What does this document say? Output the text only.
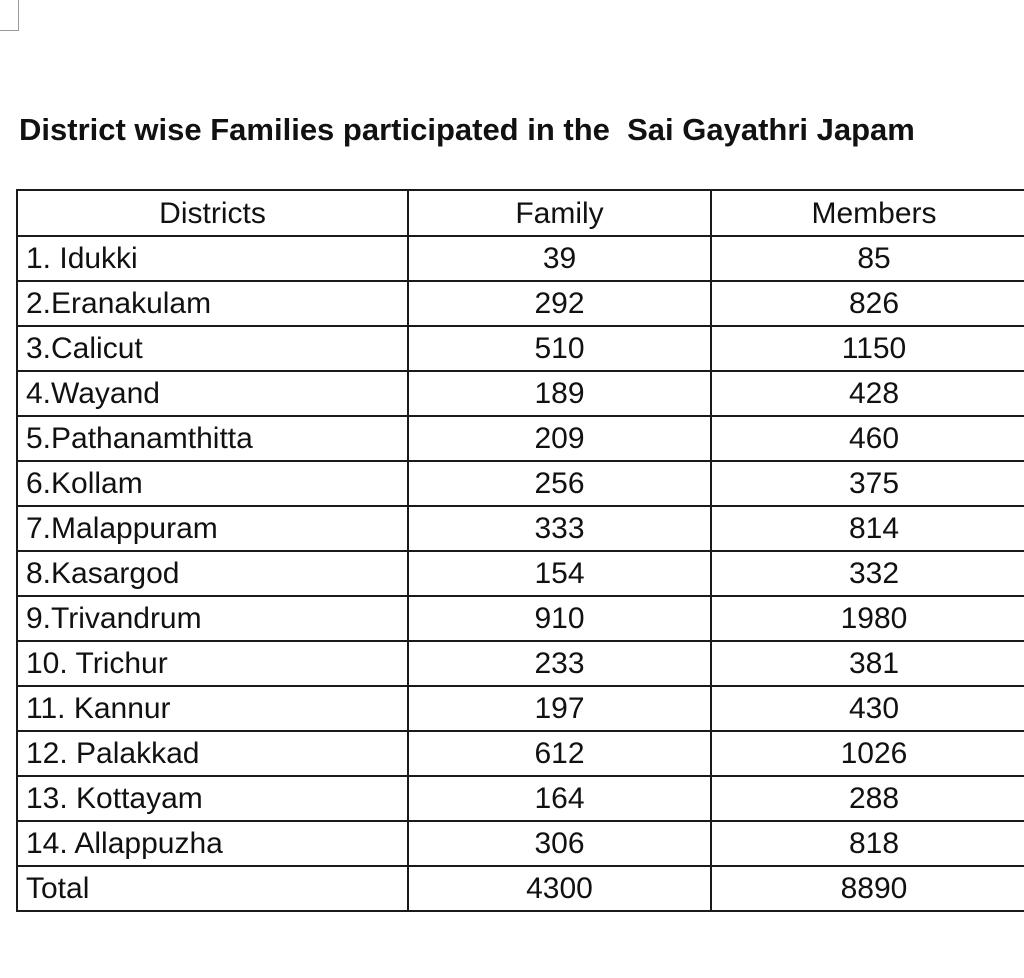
District wise Families participated in the  Sai Gayathri Japam
Districts	Family	Members
1. Idukki	39	85
2.Eranakulam	292	826
3.Calicut	510	1150
4.Wayand	189	428
5.Pathanamthitta	209	460
6.Kollam	256	375
7.Malappuram	333	814
8.Kasargod	154	332
9.Trivandrum	910	1980
10. Trichur	233	381
11. Kannur	197	430
12. Palakkad	612	1026
13. Kottayam	164	288
14. Allappuzha	306	818
Total	4300	8890
